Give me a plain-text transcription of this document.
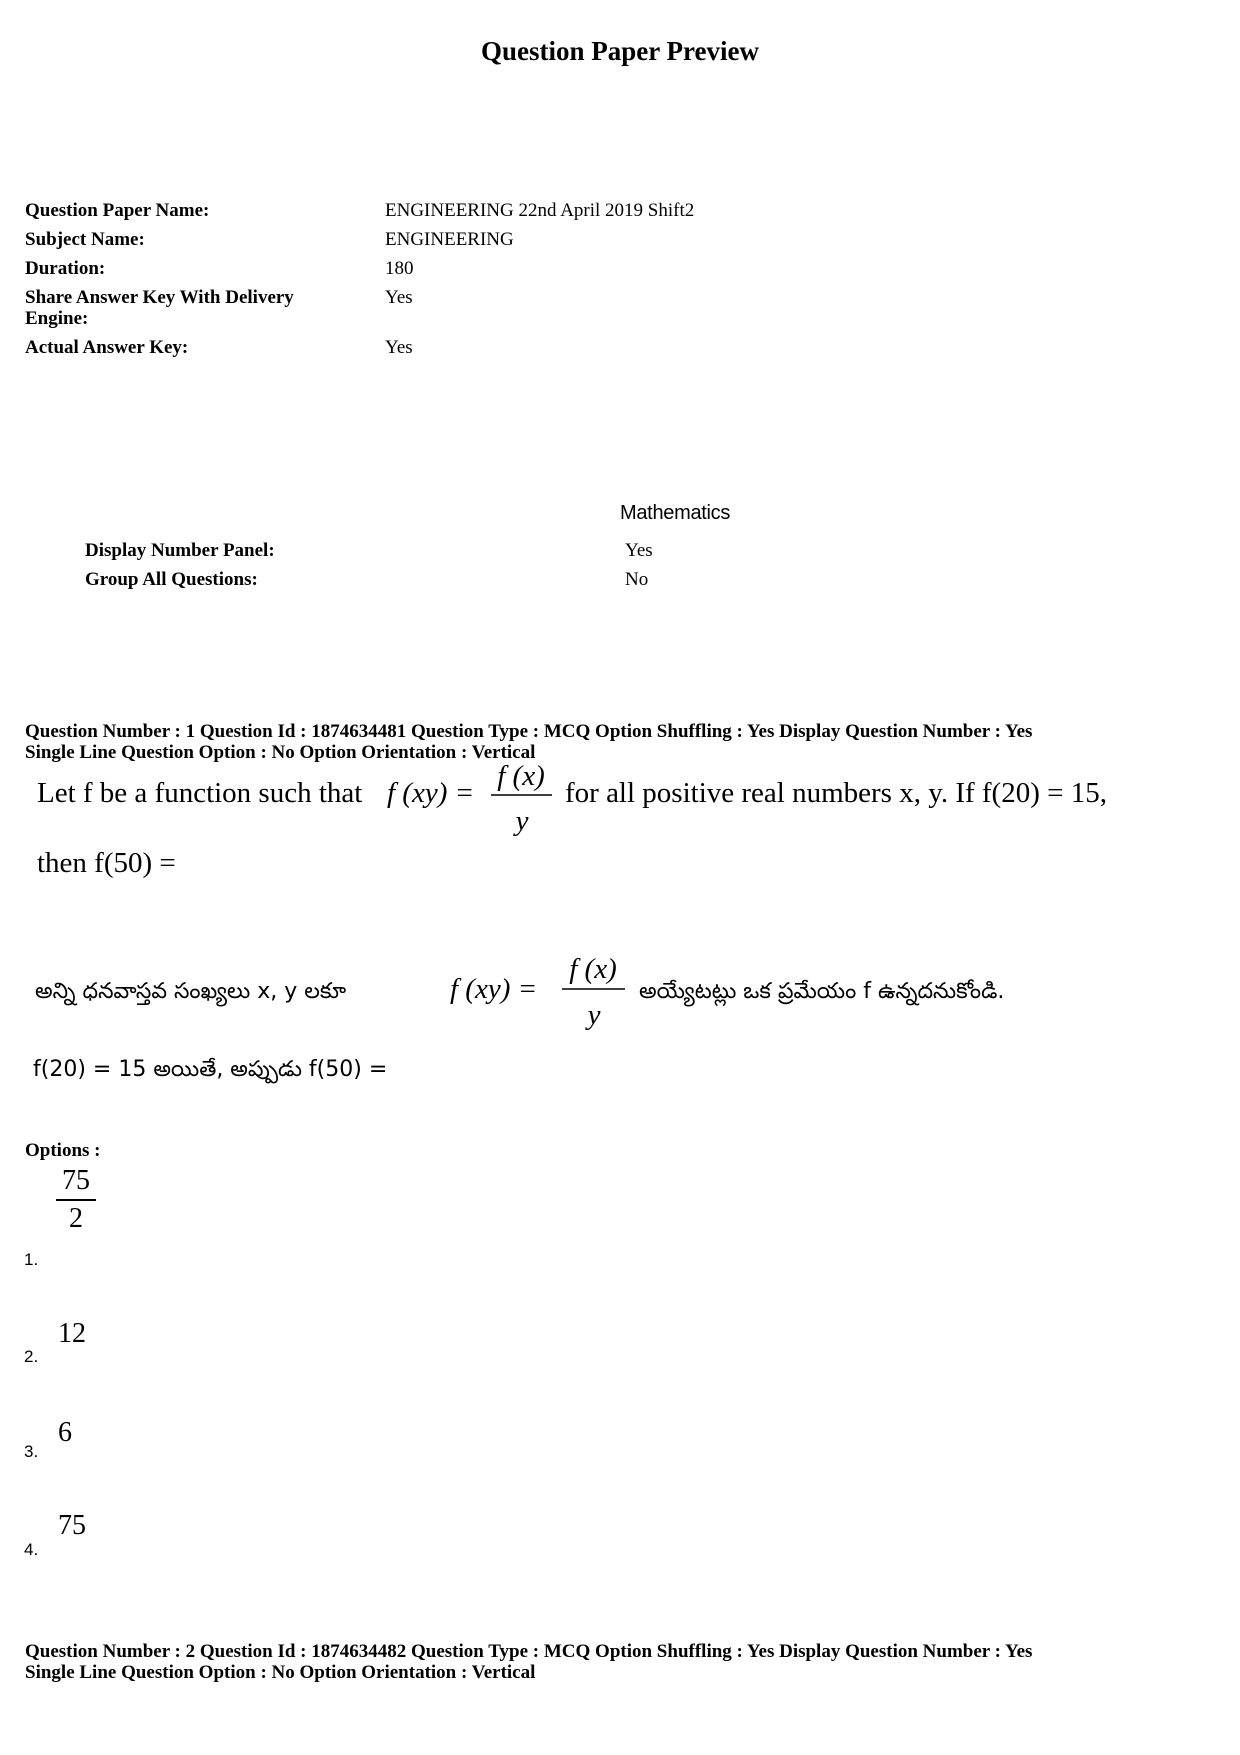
Question Paper Preview
Question Paper Name:	ENGINEERING 22nd April 2019 Shift2
Subject Name:	ENGINEERING
Duration:	180
Share Answer Key With Delivery
Engine:
Yes
Actual Answer Key:	Yes
Mathematics
Display Number Panel:	Yes
Group All Questions:	No
Question Number : 1 Question Id : 1874634481 Question Type : MCQ Option Shuffling : Yes Display Question Number : Yes
Single Line Question Option : No Option Orientation : Vertical
Let f be a function such that f (xy) =
f (x)
y
for all positive real numbers x, y. If f(20) = 15,
then f(50) =
అన్ని ధనవాస్తవ సంఖ్యలు x, y లకూ	f (xy) =
f (x)
y
అయ్యేటట్లు ఒక ప్రమేయం f ఉన్నదనుకోండి.
f(20) = 15 అయితే, అప్పుడు f(50) =
Options :
75
2
1.
12
2.
6
3.
75
4.
Question Number : 2 Question Id : 1874634482 Question Type : MCQ Option Shuffling : Yes Display Question Number : Yes
Single Line Question Option : No Option Orientation : Vertical
